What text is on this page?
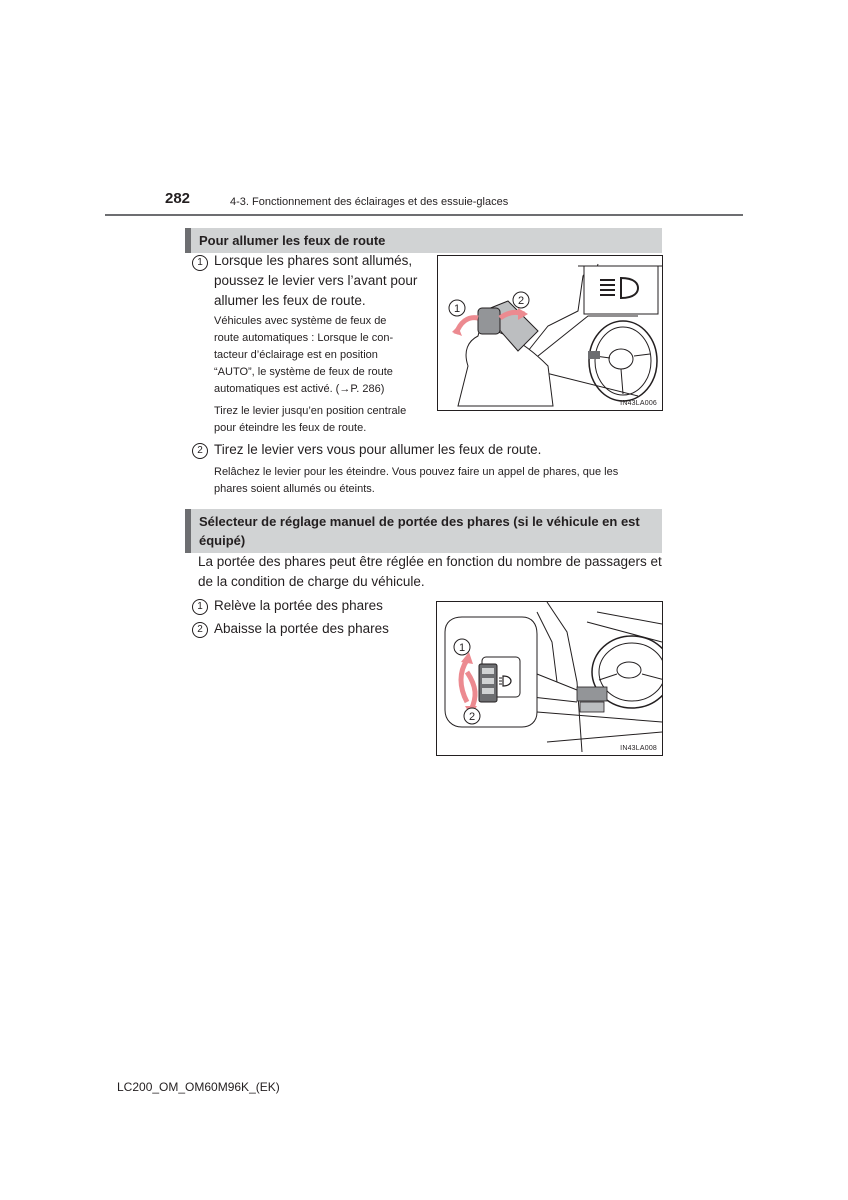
282	4-3. Fonctionnement des éclairages et des essuie-glaces
Pour allumer les feux de route
1 Lorsque les phares sont allumés,
poussez le levier vers l’avant pour
allumer les feux de route.
Véhicules avec système de feux de
route automatiques : Lorsque le con-
tacteur d’éclairage est en position
“AUTO”, le système de feux de route
automatiques est activé. (→P. 286)
Tirez le levier jusqu’en position centrale
pour éteindre les feux de route.
1
2
IN43LA006
2 Tirez le levier vers vous pour allumer les feux de route.
Relâchez le levier pour les éteindre. Vous pouvez faire un appel de phares, que les
phares soient allumés ou éteints.
Sélecteur de réglage manuel de portée des phares (si le véhicule en est
équipé)
La portée des phares peut être réglée en fonction du nombre de passagers et
de la condition de charge du véhicule.
1 Relève la portée des phares
2 Abaisse la portée des phares
1
2
IN43LA008
LC200_OM_OM60M96K_(EK)
